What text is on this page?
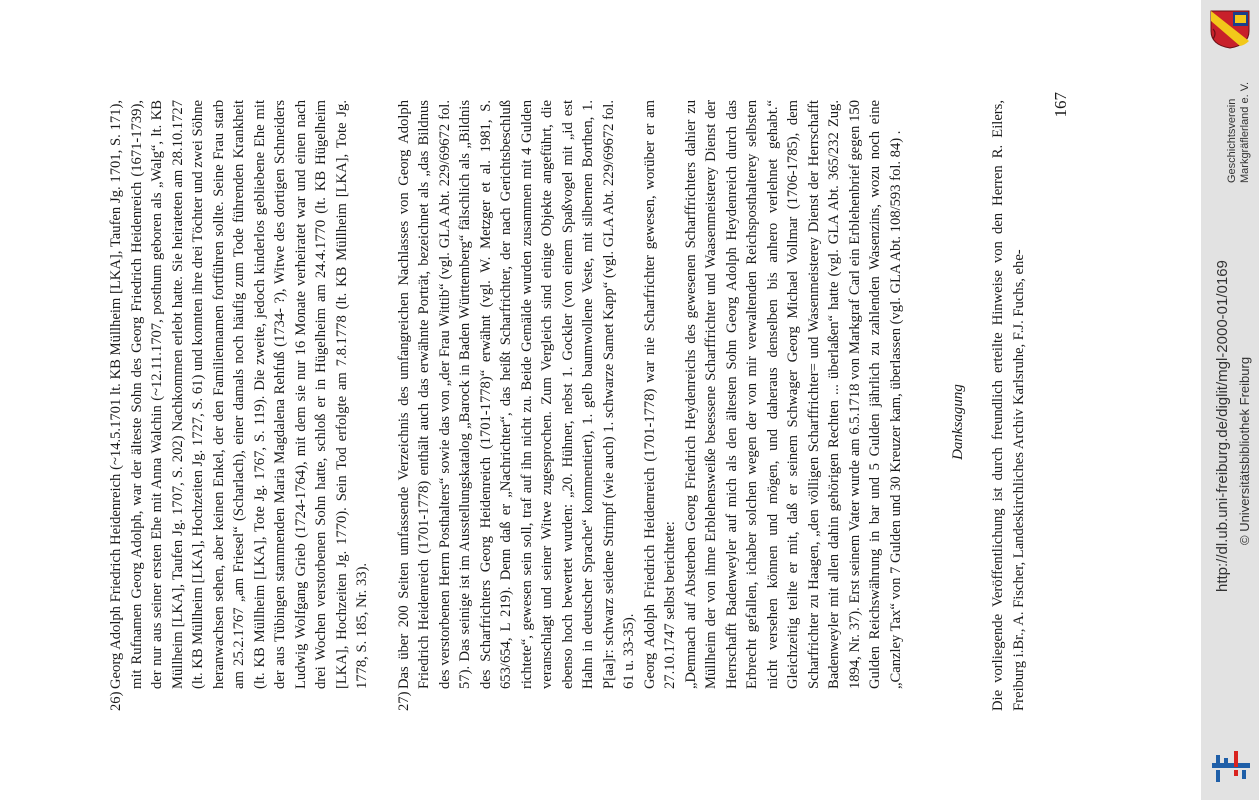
26)

Georg Adolph Friedrich Heidenreich (~14.5.1701 lt. KB Müllheim [LKA], Taufen Jg. 1701, S. 171), mit Rufnamen Georg Adolph, war der älteste Sohn des Georg Friedrich Heidenreich (1671-1739), der nur aus seiner ersten Ehe mit Anna Walchin (~12.11.1707, posthum geboren als „Walg“, lt. KB Müllheim [LKA], Taufen Jg. 1707, S. 202) Nachkommen erlebt hatte. Sie heirateten am 28.10.1727 (lt. KB Müllheim [LKA], Hochzeiten Jg. 1727, S. 61) und konnten ihre drei Töchter und zwei Söhne heranwachsen sehen, aber keinen Enkel, der den Familiennamen fortführen sollte. Seine Frau starb am 25.2.1767 „am Friesel“ (Scharlach), einer damals noch häufig zum Tode führenden Krankheit (lt. KB Müllheim [LKA], Tote Jg. 1767, S. 119). Die zweite, jedoch kinderlos gebliebene Ehe mit der aus Tübingen stammenden Maria Magdalena Rehfuß (1734- ?), Witwe des dortigen Schneiders Ludwig Wolfgang Grieb (1724-1764), mit dem sie nur 16 Monate verheiratet war und einen nach drei Wochen verstorbenen Sohn hatte, schloß er in Hügelheim am 24.4.1770 (lt. KB Hügelheim [LKA], Hochzeiten Jg. 1770). Sein Tod erfolgte am 7.8.1778 (lt. KB Müllheim [LKA], Tote Jg. 1778, S. 185, Nr. 33).

27)

Das über 200 Seiten umfassende Verzeichnis des umfangreichen Nachlasses von Georg Adolph Friedrich Heidenreich (1701-1778) enthält auch das erwähnte Porträt, bezeichnet als „das Bildnus des verstorbenen Herrn Posthalters“ sowie das von „der Frau Wittib“ (vgl. GLA Abt. 229/69672 fol. 57). Das seinige ist im Ausstellungskatalog „Barock in Baden Württemberg“ fälschlich als „Bildnis des Scharfrichters Georg Heidenreich (1701-1778)“ erwähnt (vgl. W. Metzger et al. 1981, S. 653/654, L 219). Denn daß er „Nachrichter“, das heißt Scharfrichter, der nach Gerichtsbeschluß richtete“, gewesen sein soll, traf auf ihn nicht zu. Beide Gemälde wurden zusammen mit 4 Gulden veranschlagt und seiner Witwe zugesprochen. Zum Vergleich sind einige Objekte angeführt, die ebenso hoch bewertet wurden: „20. Hühner, nebst 1. Gockler (von einem Spaßvogel mit „id est Hahn in deutscher Sprache“ kommentiert), 1. gelb baumwollene Veste, mit silbernen Borthen, 1. P[aa]r: schwarz seidene Strimpf (wie auch) 1. schwarze Samet Kapp“ (vgl. GLA Abt. 229/69672 fol. 61 u. 33-35). Georg Adolph Friedrich Heidenreich (1701-1778) war nie Scharfrichter gewesen, worüber er am 27.10.1747 selbst berichtete: „Demnach auf Absterben Georg Friedrich Heydenreichs des gewesenen Scharffrichters dahier zu Müllheim der von ihme Erblehensweiße besessene Scharffrichter und Waasenmeisterey Dienst der Herrschafft Badenweyler auf mich als den ältesten Sohn Georg Adolph Heydenreich durch das Erbrecht gefallen, ichaber solchen wegen der von mir verwaltenden Reichsposthalterey selbsten nicht versehen können und mögen, und daheraus denselben bis anhero verlehnet gehabt.“ Gleichzeitig teilte er mit, daß er seinem Schwager Georg Michael Vollmar (1706-1785), dem Scharfrichter zu Haagen, „den völligen Scharffrichter= und Wasenmeisterey Dienst der Herrschafft Badenweyler mit allen dahin gehörigen Rechten ... überlaßen“ hatte (vgl. GLA Abt. 365/232 Zug. 1894, Nr. 37). Erst seinem Vater wurde am 6.5.1718 von Markgraf Carl ein Erblehenbrief gegen 150 Gulden Reichswährung in bar und 5 Gulden jährlich zu zahlenden Wasenzins, wozu noch eine „Canzley Tax“ von 7 Gulden und 30 Kreuzer kam, überlassen (vgl. GLA Abt. 108/593 fol. 84) .	Danksagung	Die vorliegende Veröffentlichung ist durch freundlich erteilte Hinweise von den Herren R. Eilers, Freiburg i.Br., A. Fischer, Landeskirchliches Archiv Karlsruhe, F.J. Fuchs, ehe-
167
http://dl.ub.uni-freiburg.de/diglit/mgl-2000-01/0169 © Universitätsbibliothek Freiburg
Geschichtsverein Markgräflerland e. V.
